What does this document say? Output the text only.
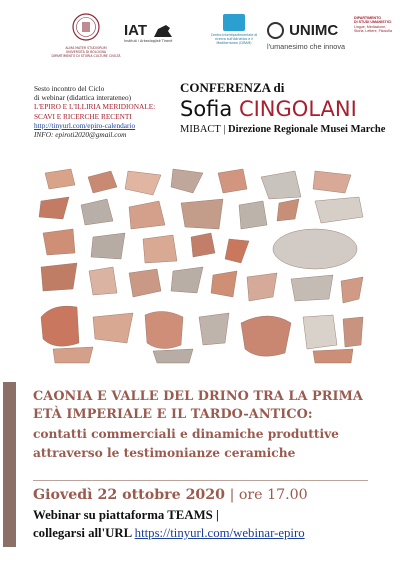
ALMA MATER STUDIORUM
UNIVERSITÀ DI BOLOGNA
DIPARTIMENTO DI STORIA CULTURE CIVILTÀ
IAT
Instituti i Arkeologjisë Tiranë
Centro Interdipartimentale di ricerca sull'Adriatico e il Mediterraneo (CIRAM)
UNIMC
l'umanesimo che innova
DIPARTIMENTO
DI STUDI UMANISTICI
Lingue, Mediazione,
Storia, Lettere, Filosofia
Sesto incontro del Ciclo
di webinar (didattica interateneo)
L'EPIRO E L'ILLIRIA MERIDIONALE:
SCAVI E RICERCHE RECENTI
http://tinyurl.com/epiro-calendario
INFO: epiroti2020@gmail.com
CONFERENZA di
Sofia CINGOLANI
MIBACT | Direzione Regionale Musei Marche
CAONIA E VALLE DEL DRINO TRA LA PRIMA
ETÀ IMPERIALE E IL TARDO-ANTICO:
contatti commerciali e dinamiche produttive
attraverso le testimonianze ceramiche
Giovedì 22 ottobre 2020 | ore 17.00
Webinar su piattaforma TEAMS |
collegarsi all'URL https://tinyurl.com/webinar-epiro
